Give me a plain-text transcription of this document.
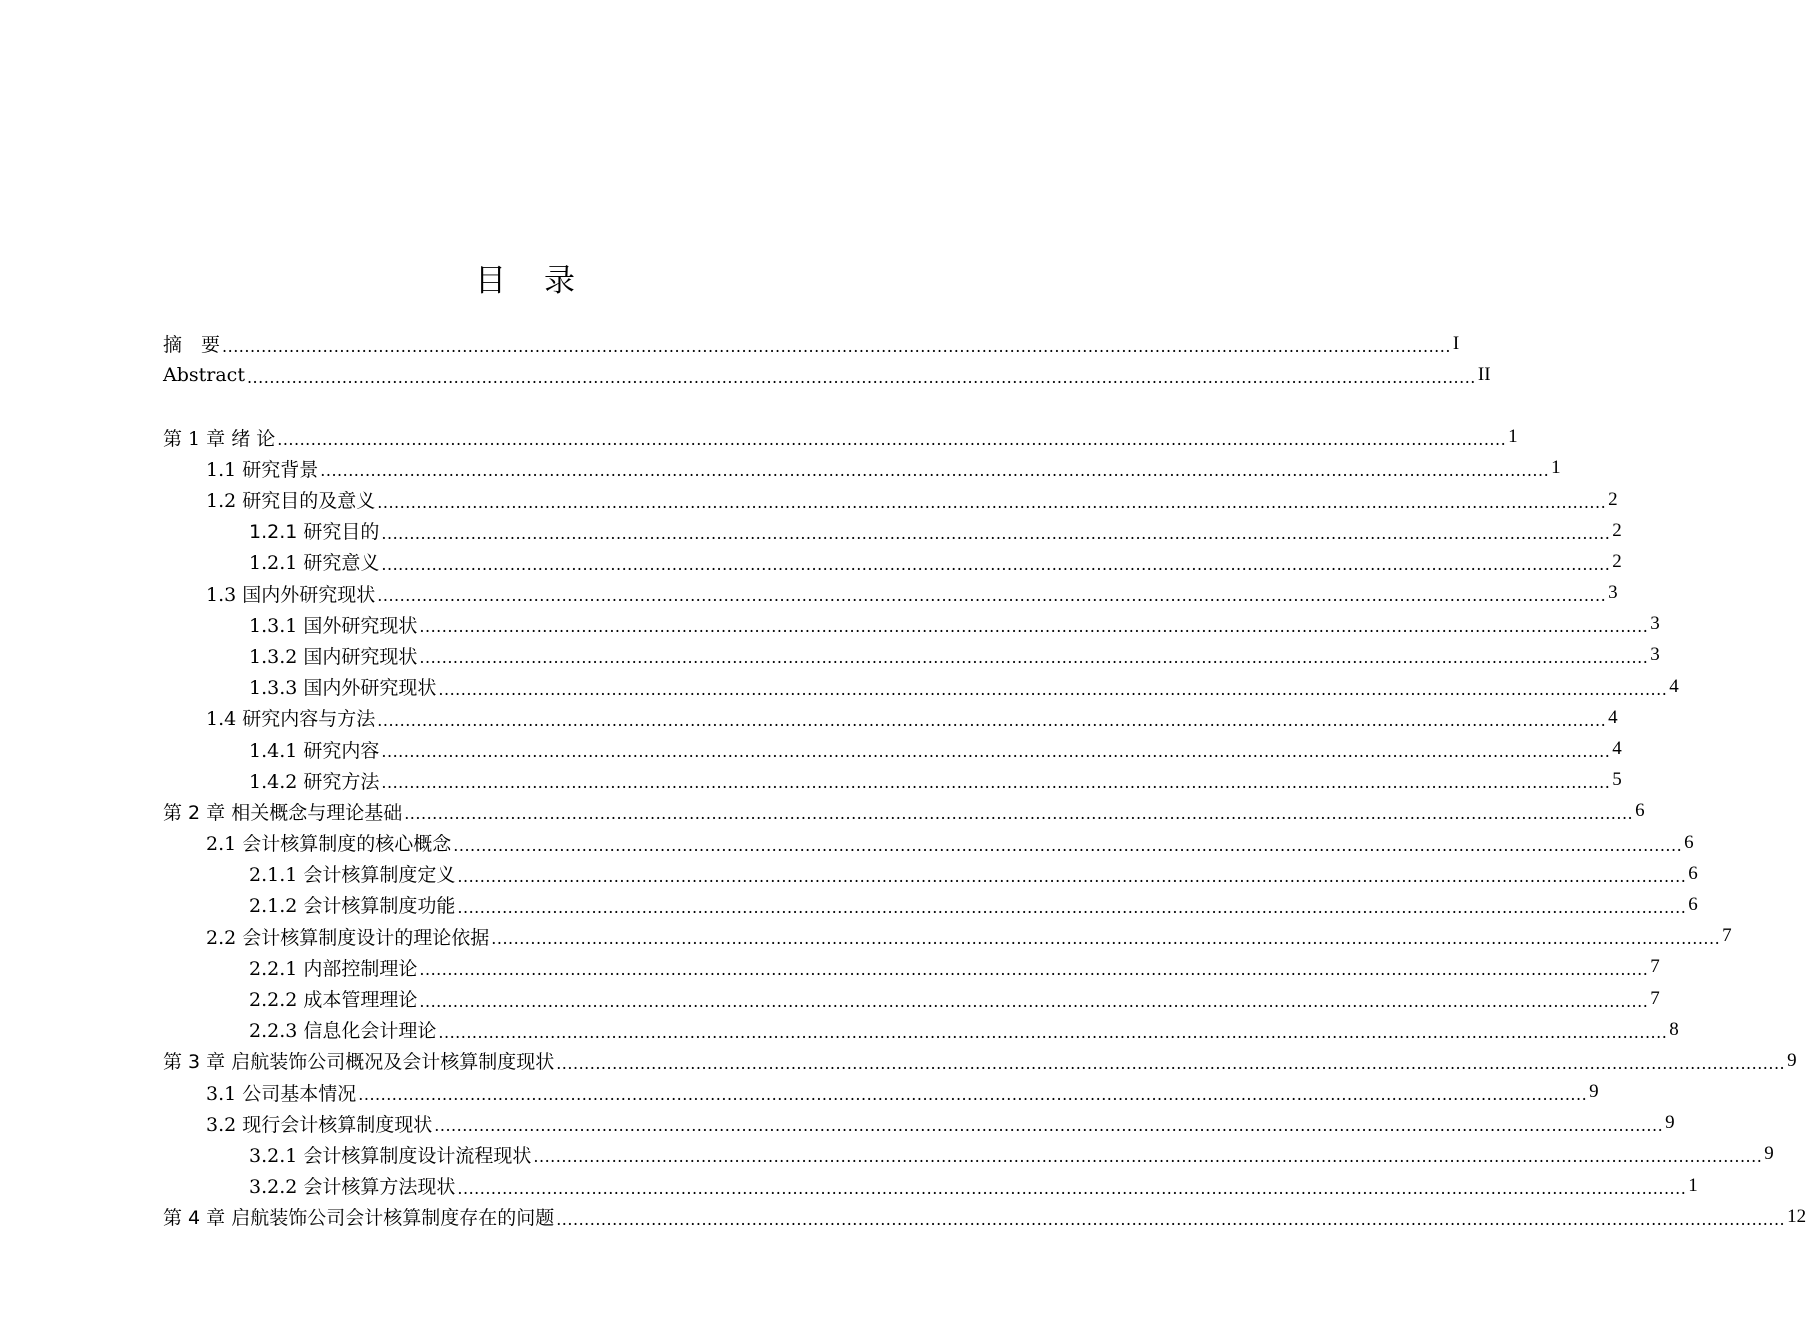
目 录
摘　要 ............................................................................................................................................................................................................................ I
Abstract ............................................................................................................................................................................................................................ II
第 1 章 绪 论 ............................................................................................................................................................................................................................ 1
1.1 研究背景 ............................................................................................................................................................................................................................ 1
1.2 研究目的及意义 ............................................................................................................................................................................................................................ 2
1.2.1 研究目的 ............................................................................................................................................................................................................................ 2
1.2.1 研究意义 ............................................................................................................................................................................................................................ 2
1.3 国内外研究现状 ............................................................................................................................................................................................................................ 3
1.3.1 国外研究现状 ............................................................................................................................................................................................................................ 3
1.3.2 国内研究现状 ............................................................................................................................................................................................................................ 3
1.3.3 国内外研究现状 ............................................................................................................................................................................................................................ 4
1.4 研究内容与方法 ............................................................................................................................................................................................................................ 4
1.4.1 研究内容 ............................................................................................................................................................................................................................ 4
1.4.2 研究方法 ............................................................................................................................................................................................................................ 5
第 2 章 相关概念与理论基础 ............................................................................................................................................................................................................................ 6
2.1 会计核算制度的核心概念 ............................................................................................................................................................................................................................ 6
2.1.1 会计核算制度定义 ............................................................................................................................................................................................................................ 6
2.1.2 会计核算制度功能 ............................................................................................................................................................................................................................ 6
2.2 会计核算制度设计的理论依据 ............................................................................................................................................................................................................................ 7
2.2.1 内部控制理论 ............................................................................................................................................................................................................................ 7
2.2.2 成本管理理论 ............................................................................................................................................................................................................................ 7
2.2.3 信息化会计理论 ............................................................................................................................................................................................................................ 8
第 3 章 启航装饰公司概况及会计核算制度现状 ............................................................................................................................................................................................................................ 9
3.1 公司基本情况 ............................................................................................................................................................................................................................ 9
3.2 现行会计核算制度现状 ............................................................................................................................................................................................................................ 9
3.2.1 会计核算制度设计流程现状 ............................................................................................................................................................................................................................ 9
3.2.2 会计核算方法现状 ............................................................................................................................................................................................................................ 1
第 4 章 启航装饰公司会计核算制度存在的问题 ............................................................................................................................................................................................................................ 12
